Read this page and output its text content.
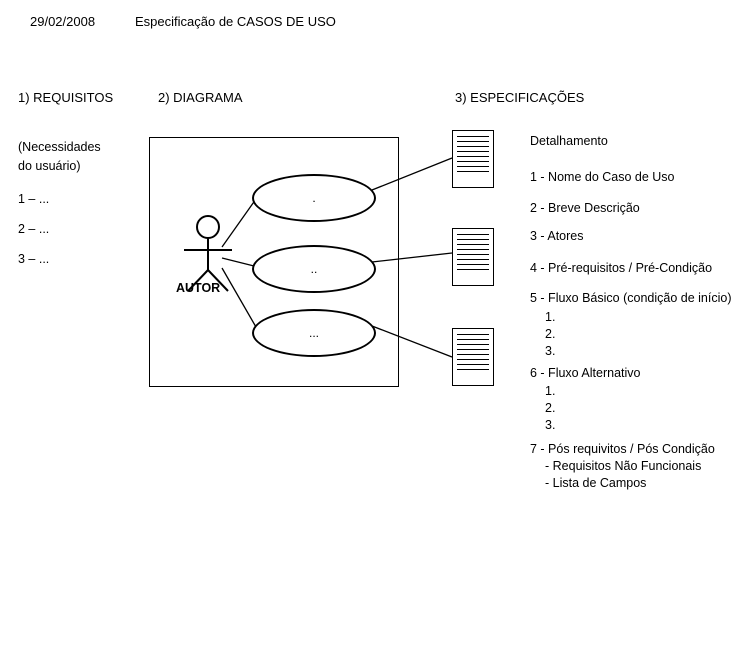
29/02/2008	Especificação de CASOS DE USO
1) REQUISITOS	2) DIAGRAMA	3) ESPECIFICAÇÕES
(Necessidades
do usuário)
1 – ...
2 – ...
3 – ...
AUTOR
.
..
...
Detalhamento
1 - Nome do Caso de Uso
2 - Breve Descrição
3 - Atores
4 - Pré-requisitos / Pré-Condição
5 - Fluxo Básico (condição de início)
1.
2.
3.
6 - Fluxo Alternativo
1.
2.
3.
7 - Pós requivitos / Pós Condição
- Requisitos Não Funcionais
- Lista de Campos
